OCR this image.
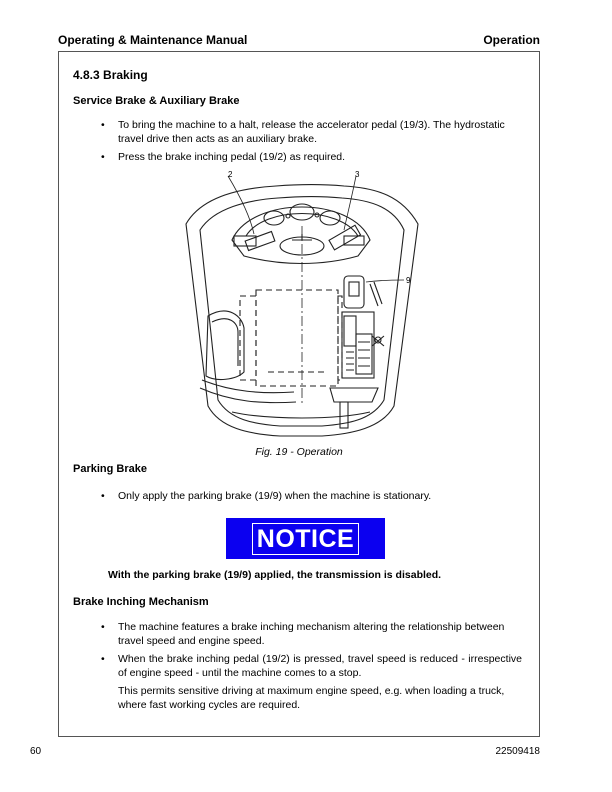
Operating & Maintenance Manual	Operation
4.8.3 Braking
Service Brake & Auxiliary Brake
• To bring the machine to a halt, release the accelerator pedal (19/3). The hydrostatic travel drive then acts as an auxiliary brake.
• Press the brake inching pedal (19/2) as required.
2	3
9
Fig. 19 - Operation
Parking Brake
• Only apply the parking brake (19/9) when the machine is stationary.
NOTICE
With the parking brake (19/9) applied, the transmission is disabled.
Brake Inching Mechanism
• The machine features a brake inching mechanism altering the relationship between travel speed and engine speed.
• When the brake inching pedal (19/2) is pressed, travel speed is reduced - irrespective of engine speed - until the machine comes to a stop.
This permits sensitive driving at maximum engine speed, e.g. when loading a truck, where fast working cycles are required.
60	22509418
